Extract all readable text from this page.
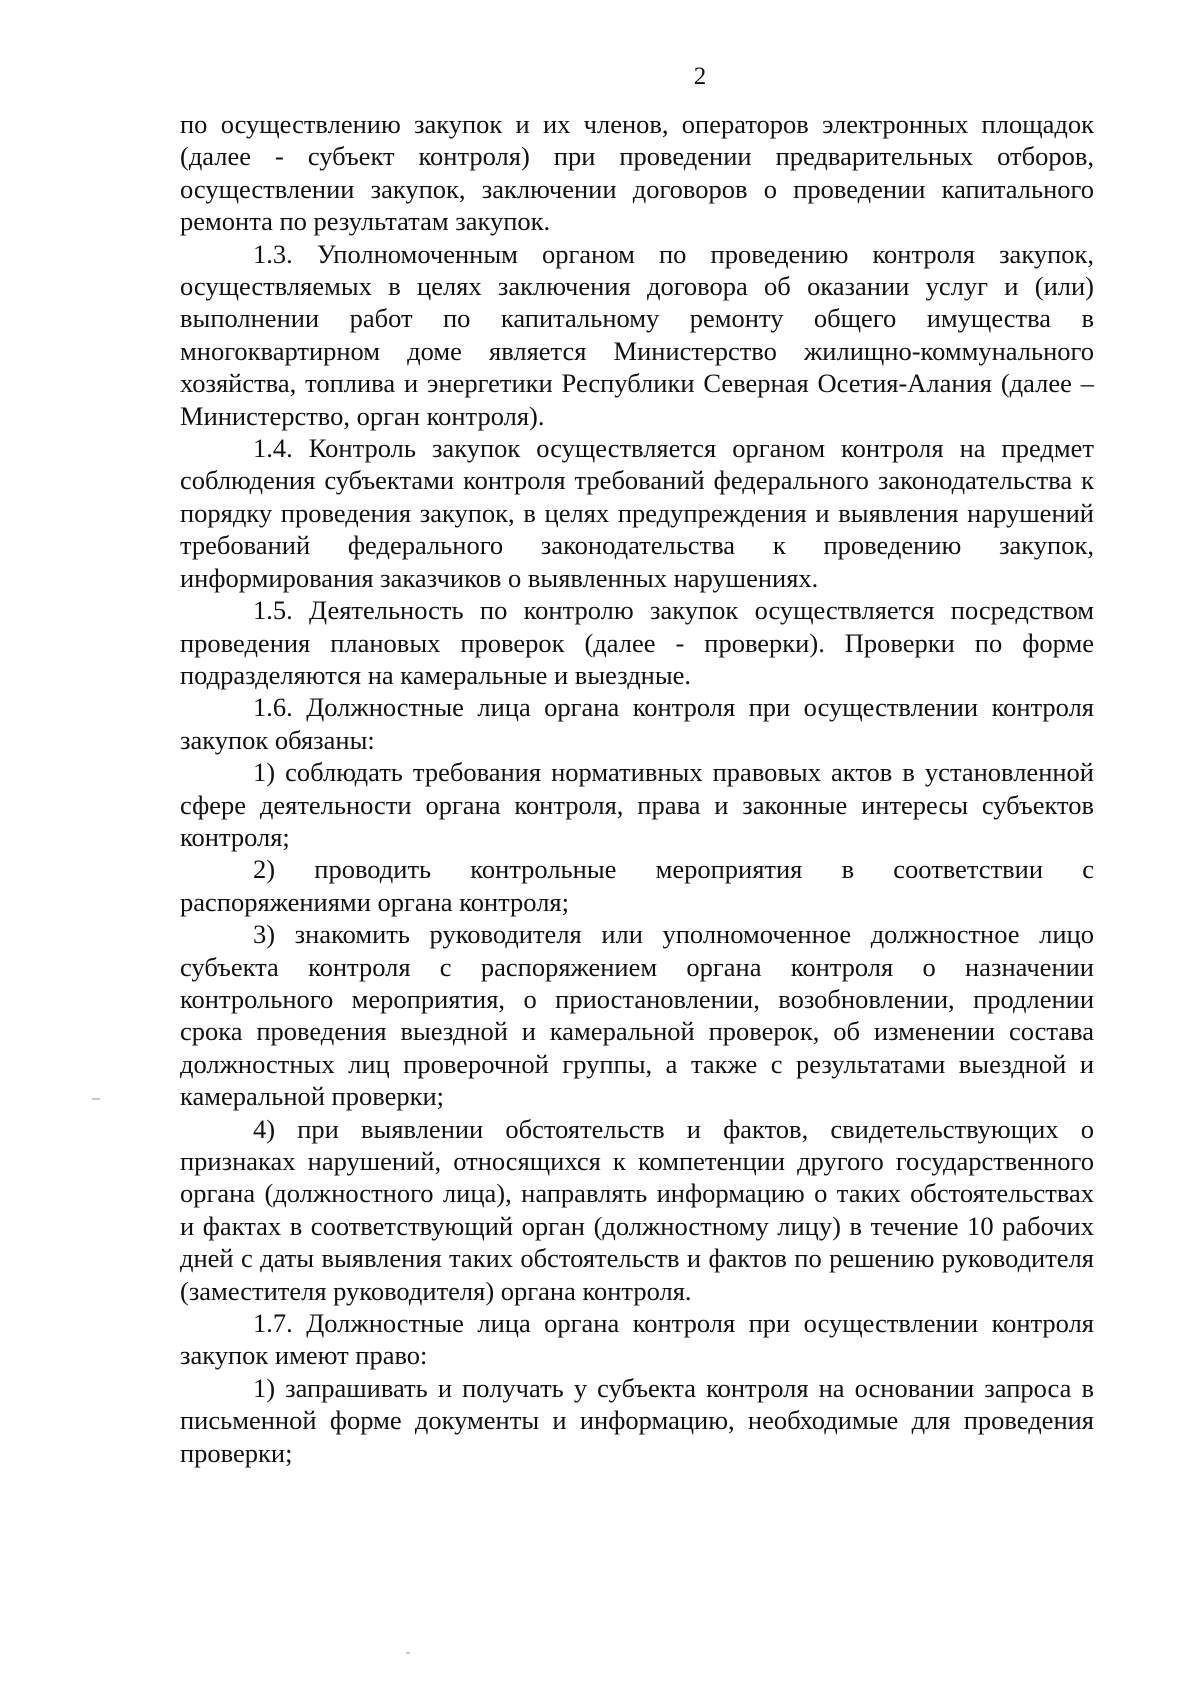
2

по осуществлению закупок и их членов, операторов электронных площадок (далее - субъект контроля) при проведении предварительных отборов, осуществлении закупок, заключении договоров о проведении капитального ремонта по результатам закупок.

1.3. Уполномоченным органом по проведению контроля закупок, осуществляемых в целях заключения договора об оказании услуг и (или) выполнении работ по капитальному ремонту общего имущества в многоквартирном доме является Министерство жилищно-коммунального хозяйства, топлива и энергетики Республики Северная Осетия-Алания (далее – Министерство, орган контроля).

1.4. Контроль закупок осуществляется органом контроля на предмет соблюдения субъектами контроля требований федерального законодательства к порядку проведения закупок, в целях предупреждения и выявления нарушений требований федерального законодательства к проведению закупок, информирования заказчиков о выявленных нарушениях.

1.5. Деятельность по контролю закупок осуществляется посредством проведения плановых проверок (далее - проверки). Проверки по форме подразделяются на камеральные и выездные.

1.6. Должностные лица органа контроля при осуществлении контроля закупок обязаны:

1) соблюдать требования нормативных правовых актов в установленной сфере деятельности органа контроля, права и законные интересы субъектов контроля;

2) проводить контрольные мероприятия в соответствии с распоряжениями органа контроля;

3) знакомить руководителя или уполномоченное должностное лицо субъекта контроля с распоряжением органа контроля о назначении контрольного мероприятия, о приостановлении, возобновлении, продлении срока проведения выездной и камеральной проверок, об изменении состава должностных лиц проверочной группы, а также с результатами выездной и камеральной проверки;

4) при выявлении обстоятельств и фактов, свидетельствующих о признаках нарушений, относящихся к компетенции другого государственного органа (должностного лица), направлять информацию о таких обстоятельствах и фактах в соответствующий орган (должностному лицу) в течение 10 рабочих дней с даты выявления таких обстоятельств и фактов по решению руководителя (заместителя руководителя) органа контроля.

1.7. Должностные лица органа контроля при осуществлении контроля закупок имеют право:

1) запрашивать и получать у субъекта контроля на основании запроса в письменной форме документы и информацию, необходимые для проведения проверки;
